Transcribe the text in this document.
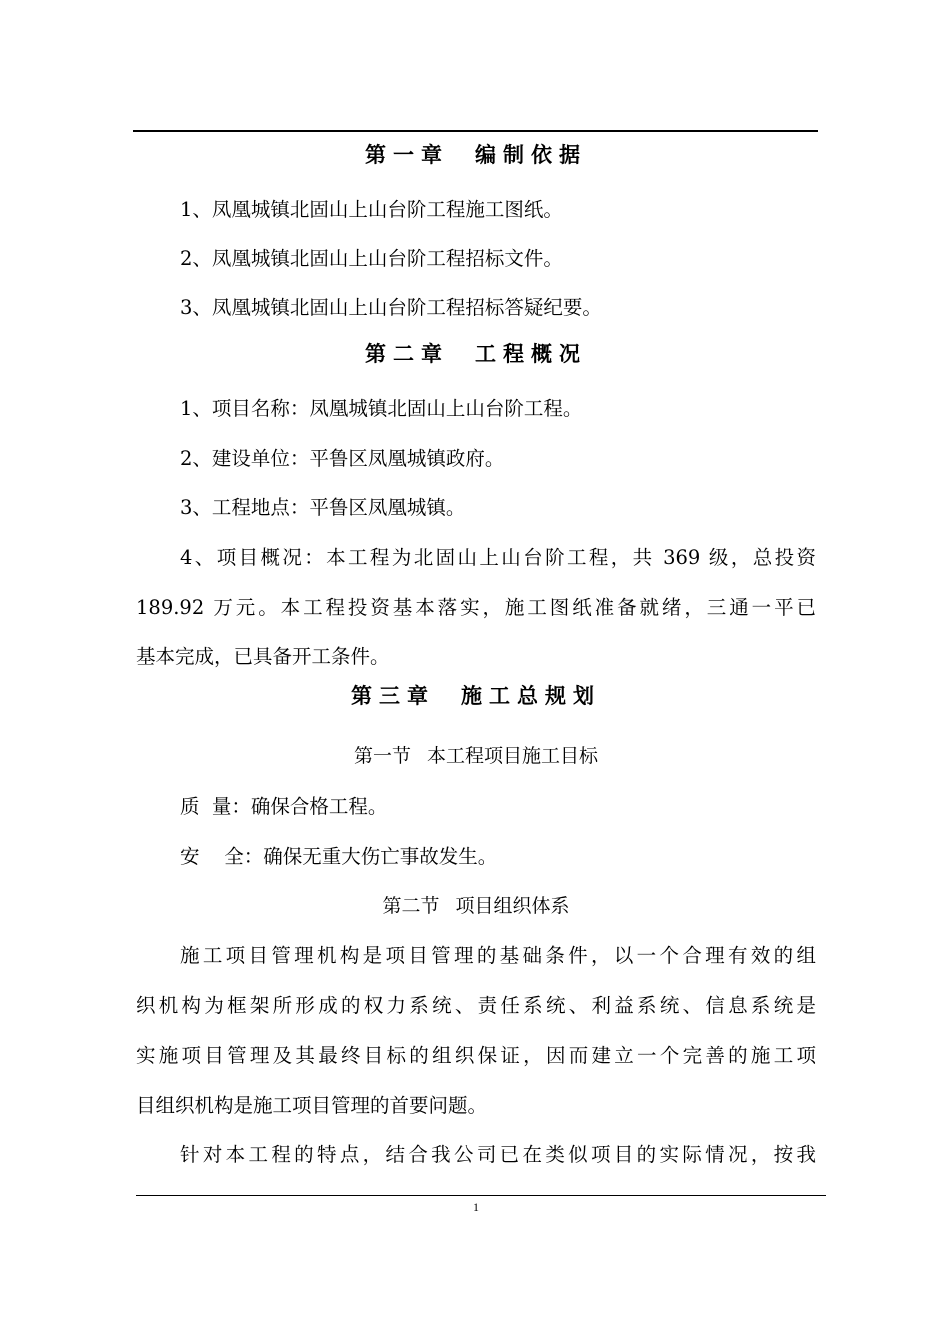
第一章 编制依据
1、凤凰城镇北固山上山台阶工程施工图纸。
2、凤凰城镇北固山上山台阶工程招标文件。
3、凤凰城镇北固山上山台阶工程招标答疑纪要。
第二章 工程概况
1、项目名称：凤凰城镇北固山上山台阶工程。
2、建设单位：平鲁区凤凰城镇政府。
3、工程地点：平鲁区凤凰城镇。
4、项目概况：本工程为北固山上山台阶工程，共 369 级，总投资
189.92 万元。本工程投资基本落实，施工图纸准备就绪，三通一平已
基本完成，已具备开工条件。
第三章 施工总规划
第一节 本工程项目施工目标
质  量：确保合格工程。
安    全：确保无重大伤亡事故发生。
第二节 项目组织体系
施工项目管理机构是项目管理的基础条件，以一个合理有效的组
织机构为框架所形成的权力系统、责任系统、利益系统、信息系统是
实施项目管理及其最终目标的组织保证，因而建立一个完善的施工项
目组织机构是施工项目管理的首要问题。
针对本工程的特点，结合我公司已在类似项目的实际情况，按我
1
